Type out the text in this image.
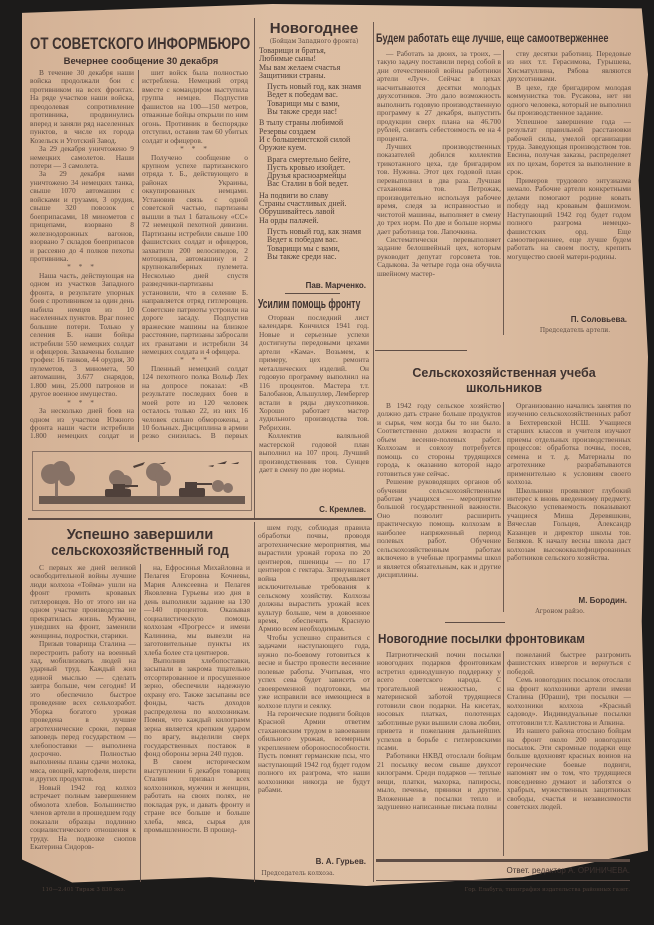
ОТ СОВЕТСКОГО ИНФОРМБЮРО
Вечернее сообщение 30 декабря

В течение 30 декабря наши войска продолжали бои с противником на всех фронтах. На ряде участков наши войска, преодолевая сопротивление противника, продвинулись вперед и заняли ряд населенных пунктов, в числе их города Козельск и Уготский Завод.

За 29 декабря уничтожено 9 немецких самолетов. Наши потери — 3 самолета.

За 29 декабря нами уничтожено 34 немецких танка, свыше 1070 автомашин с войсками и грузами, 3 орудия, свыше 320 повозок с боеприпасами, 18 минометов с прицепами, взорвано 8 железнодорожных вагонов, взорвано 7 складов боеприпасов и рассеяно до 4 полков пехоты противника.

* * *

Наша часть, действующая на одном из участков Западного фронта, в результате упорных боев с противником за один день выбила немцев из 10 населенных пунктов. Враг понес большие потери. Только у селения Б. наши бойцы истребили 550 немецких солдат и офицеров. Захвачены большие трофеи: 16 танков, 44 орудия, 30 пулеметов, 3 миномета, 50 автомашин, 3.677 снарядов, 1.800 мин, 25.000 патронов и другое военное имущество.

* * *

За несколько дней боев на одном из участков Южного фронта наши части истребили 1.800 немецких солдат и

шит войск была полностью истреблена. Немецкий отряд вместе с командиром выступила группа немцев. Подпустив фашистов на 100—150 метров, отважные бойцы открыли по ним огонь. Противник в беспорядке отступил, оставив там 60 убитых солдат и офицеров.

* * *

Получено сообщение о крупном успехе партизанского отряда т. Б., действующего в районах Украины, оккупированных немцами. Установив связь с одной советской частью, партизаны вышли в тыл 1 батальону «СС» 72 немецкой пехотной дивизии. Партизаны истребили свыше 100 фашистских солдат и офицеров, захватили 200 велосипедов, 2 мотоцикла, автомашину и 2 крупнокалиберных пулемета. Несколько дней спустя разведчики-партизаны установили, что в селение Б. направляется отряд гитлеровцев. Советские патриоты устроили на дороге засаду. Подпустив вражеские машины на близкое расстояние, партизаны забросали их гранатами и истребили 34 немецких солдата и 4 офицера.

* * *

Пленный немецкий солдат 124 пехотного полка Вольф Лех на допросе показал: «В результате последних боев в моей роте из 120 человек осталось только 22, из них 16 человек сильно обморожены, а 10 больных. Дисциплина в армии резко снизилась. В первых

Новогоднее
(Бойцам Западного фронта)
Товарищи и братья,
Любимые сыны!
Мы вам желаем счастья
Защитники страны.
Пусть новый год, как знамя
Ведет к победам вас.
Товарищи мы с вами,
Вы также среди нас!
В тылу страны любимой
Резервы создаем
И с большевистской силой
Оружие куем.
Врага смертельно бейте,
Пусть кровью изойдет.
Друзья красноармейцы
Вас Сталин в бой ведет.
На подвиги во славу
Страны счастливых дней.
Обрушивайтесь лавой
На орды палачей.
Пусть новый год, как знамя
Ведет к победам вас.
Товарищи мы с вами,
Вы также среди нас.
Пав. Марченко.
Усилим помощь фронту

Оторван последний лист календаря. Кончился 1941 год. Новые и серьезные успехи достигнуты передовыми цехами артели «Кама». Возьмем, к примеру, цех ремонта металлических изделий. Он годовую программу выполнил на 116 процентов. Мастера т.т. Балобанов, Альшуллер, Лембергер встали в ряды двухсотников. Хорошо работает мастер лудильного производства тов. Ребрихин.

Коллектив валяльной мастерской годовой план выполнил на 107 проц. Лучший производственник тов. Сунцев дает в смену по две нормы.

С. Кремлев.
Будем работать еще лучше, еще самоотверженнее

— Работать за двоих, за троих, — такую задачу поставили перед собой в дни отечественной войны работники артели «Луч». Сейчас в цехах насчитываются десятки молодых двухсотников. Это дало возможность выполнить годовую производственную программу к 27 декабря, выпустить продукции сверх плана на 46.700 рублей, снизить себестоимость ее на 4 процента.

Лучших производственных показателей добился коллектив трикотажного цеха, где бригадиром тов. Нужина. Этот цех годовой план перевыполнил в два раза. Лучшая стахановка тов. Петрожак, производительно используя рабочее время, следя за исправностью и чистотой машины, выполняет в смену до трех норм. По две и больше нормы дает работница тов. Лапочкина.

Систематически перевыполняет задание белошвейный цех, которым руководит депутат горсовета тов. Садыкова. За четыре года она обучила швейному мастер-

ству десятки работниц. Передовые из них т.т. Герасимова, Гурышева, Хисматуллина, Рябова являются двухсотниками.

В цехе, где бригадиром молодая коммунистка тов. Русакова, нет ни одного человека, который не выполнил бы производственное задание.

Успешное завершение года — результат правильной расстановки рабочей силы, умелой организации труда. Заведующая производством тов. Евсина, получая заказы, распределяет их по цехам, борется за выполнение в срок.

Примеров трудового энтузиазма немало. Рабочие артели конкретными делами помогают родине ковать победу над кровавым фашизмом. Наступающий 1942 год будет годом полного разгрома немецко-фашистских орд. Еще самоотверженнее, еще лучше будем работать на своем посту, крепить могущество своей матери-родины.

П. Соловьева.
Председатель артели.
Сельскохозяйственная учеба
школьников

В 1942 году сельское хозяйство должно дать стране больше продуктов и сырья, чем когда бы то ни было. Соответственно должен возрасти и объем весенне-полевых работ. Колхозам и совхозу потребуется помощь со стороны трудящихся города, к оказанию которой надо готовиться уже сейчас.

Решение руководящих органов об обучении сельскохозяйственным работам учащихся — мероприятие большой государственной важности. Оно позволит расширить практическую помощь колхозам в наиболее напряженный период полевых работ. Обучение сельскохозяйственным работам включено в учебные программы школ и является обязательным, как и другие дисциплины.

Организованно начались занятия по изучению сельскохозяйственных работ в Бехтеревской НСШ. Учащиеся старших классов и учителя изучают приемы отдельных производственных процессов: обработка почвы, посев, семена и т. д. Материалы по агротехнике разрабатываются применительно к условиям своего колхоза.

Школьники проявляют глубокий интерес к вновь введенному предмету. Высокую успеваемость показывают учащиеся Миша Деревяшкин, Вячеслав Гольцев, Александр Казанцев и директор школы тов. Беляков. К началу весны школа даст колхозам высококвалифицированных работников сельского хозяйства.

М. Бородин.
Агроном райзо.
Новогодние посылки фронтовикам

Патриотический почин посылки новогодних подарков фронтовикам встретил единодушную поддержку у всего советского народа. С трогательной нежностью, с материнской заботой трудящиеся готовили свои подарки. На кисетах, носовых платках, полотенцах заботливые руки вышили слова любви, привета и пожелания дальнейших успехов в борьбе с гитлеровскими псами.

Работники НКВД отослали бойцам 21 посылку весом свыше двухсот килограмм. Среди подарков — теплые вещи, платки, махорка, папиросы, мыло, печенье, пряники и другие. Вложенные в посылки тепло и задушевно написанные письма полны

пожеланий быстрее разгромить фашистских извергов и вернуться с победой.

Семь новогодних посылок отослали на фронт колхозники артели имени Сталина (Юраши), три посылки — колхозники колхоза «Красный садовод». Индивидуальные посылки отготовили т.т. Каллистова и Апкина.

Из нашего района отослано бойцам на фронт около 200 новогодних посылок. Эти скромные подарки еще больше вдохновят красных воинов на героические боевые подвиги, напомнят им о том, что трудящиеся повседневно думают и заботятся о храбрых, мужественных защитниках свободы, счастья и независимости советских людей.

Ответ. редактор А. ОРИНИЧЕВА.
Гор. Елабуга, типография издательства районных газет.
110—2.401 Тираж 3 830 экз.
Успешно завершили
сельскохозяйственный год

С первых же дней великой освободительной войны лучшие люди колхоза «Тойма» ушли на фронт громить кровавых гитлеровцев. Но от этого ни на одном участке производства не прекратилась жизнь. Мужчин, ушедших на фронт, заменили женщины, подростки, старики.

Призыв товарища Сталина — перестроить работу на военный лад, мобилизовать людей на ударный труд. Каждый жил единой мыслью — сделать завтра больше, чем сегодня! И это обеспечило быстрое проведение всех сельхозработ. Уборка богатого урожая проведена в лучшие агротехнические сроки, первая заповедь перед государством — хлебопоставки — выполнена досрочно. Полностью выполнены планы сдачи молока, мяса, овощей, картофеля, шерсти и других продуктов.

Новый 1942 год колхоз встречает полным завершением обмолота хлебов. Большинство членов артели в прошедшем году показали образцы подлинно социалистического отношения к труду. На подвозке снопов Екатерина Сидоров-

на, Ефросинья Михайловна и Пелагея Егоровна Кочневы, Мария Алексеевна и Пелагея Яковлевна Гурьевы изо дня в день выполняли задание на 130—140 процентов. Оказывая социалистическую помощь колхозам «Прогресс» и имени Калинина, мы вывезли на заготовительные пункты их хлеба более ста центнеров.

Выполнив хлебопоставки, засыпали в закрома тщательно отсортированное и просушенное зерно, обеспечили надежную охрану его. Также засыпаны все фонды, часть доходов распределена по колхозникам. Помня, что каждый килограмм зерна является крепким ударом по врагу, выделили сверх государственных поставок в фонд обороны зерна 240 пудов.

В своем историческом выступлении 6 декабря товарищ Сталин призвал всех колхозников, мужчин и женщин, работать на своих полях, не покладая рук, и давать фронту и стране все больше и больше хлеба, мяса, сырья для промышленности. В прошед-

шем году, соблюдая правила обработки почвы, проводя агротехнические мероприятия, мы вырастили урожай гороха по 20 центнеров, пшеницы — по 17 центнеров с гектара. Затянувшаяся война предъявляет исключительные требования к сельскому хозяйству. Колхозы должны вырастить урожай всех культур больше, чем в довоенное время, обеспечить Красную Армию всем необходимым.

Чтобы успешно справиться с задачами наступающего года, нужно по-боевому готовиться к весне и быстро провести весенние полевые работы. Учитывая, что успех сева будет зависеть от своевременной подготовки, мы уже исправили все имеющиеся в колхозе плуги и сеялку.

На героические подвиги бойцов Красной Армии ответим стахановским трудом в завоевании обильного урожая, всемерным укреплением обороноспособности. Пусть помнят германские псы, что наступающий 1942 год будет годом полного их разгрома, что наши колхозники никогда не будут рабами.

В. А. Гурьев.
Председатель колхоза.
